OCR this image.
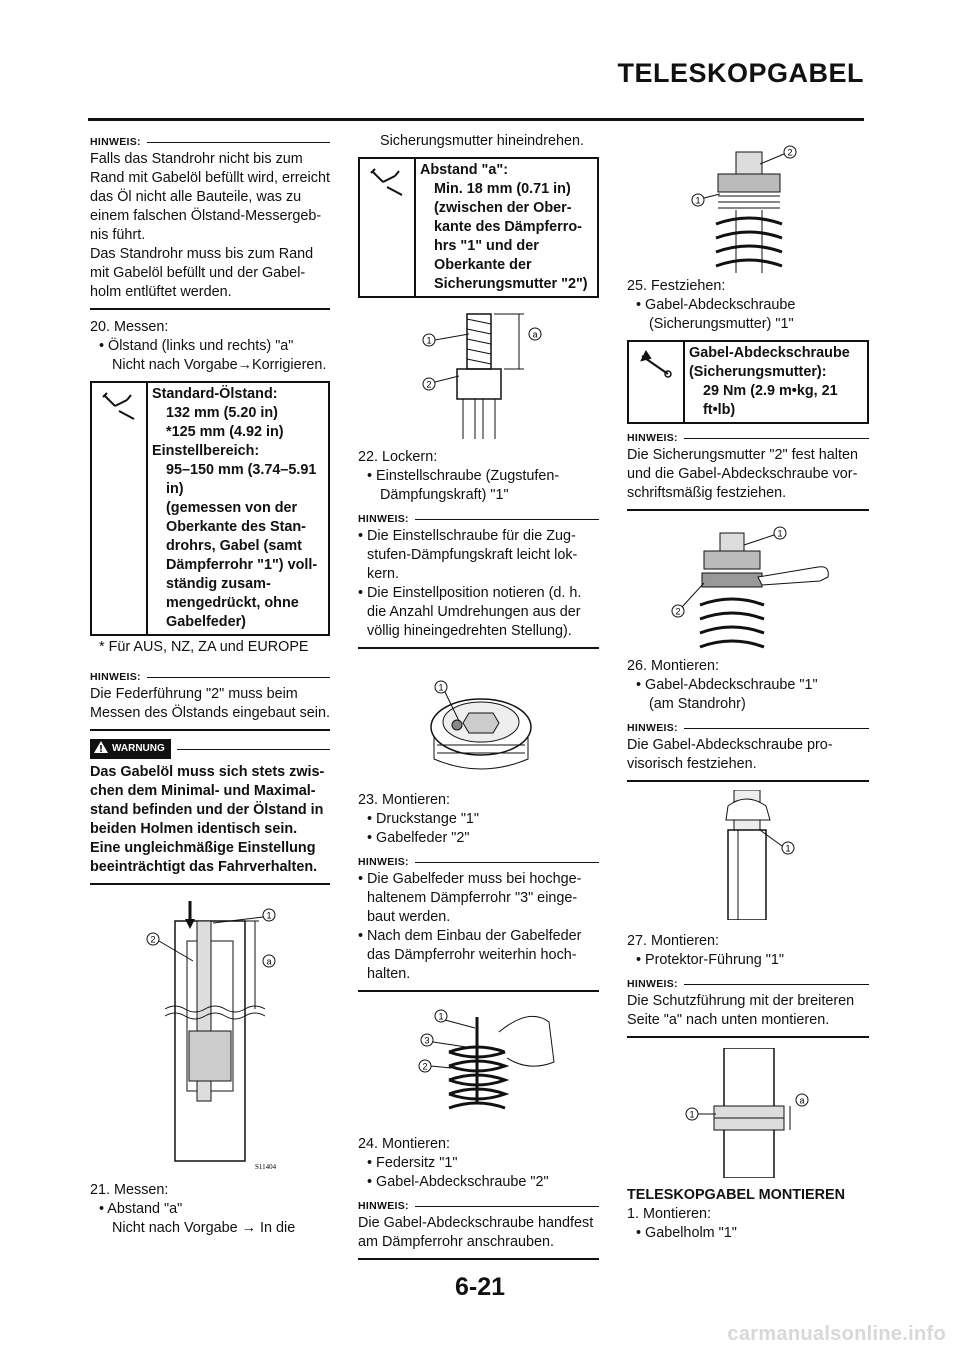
TELESKOPGABEL
HINWEIS:

Falls das Standrohr nicht bis zum

Rand mit Gabelöl befüllt wird, erreicht

das Öl nicht alle Bauteile, was zu

einem falschen Ölstand-Messergeb-

nis führt.

Das Standrohr muss bis zum Rand

mit Gabelöl befüllt und der Gabel-

holm entlüftet werden.

20. Messen:

• Ölstand (links und rechts) "a"

Nicht nach Vorgabe→Korrigieren.

Standard-Ölstand:

132 mm (5.20 in)

*125 mm (4.92 in)

Einstellbereich:

95–150 mm (3.74–5.91

in)

(gemessen von der

Oberkante des Stan-

drohrs, Gabel (samt

Dämpferrohr "1") voll-

ständig zusam-

mengedrückt, ohne

Gabelfeder)

* Für AUS, NZ, ZA und EUROPE

HINWEIS:

Die Federführung "2" muss beim

Messen des Ölstands eingebaut sein.

WARNUNG

Das Gabelöl muss sich stets zwis-

chen dem Minimal- und Maximal-

stand befinden und der Ölstand in

beiden Holmen identisch sein.

Eine ungleichmäßige Einstellung

beeinträchtigt das Fahrverhalten.

1
a
2
S11404

21. Messen:

• Abstand "a"

Nicht nach Vorgabe → In die

Sicherungsmutter hineindrehen.

Abstand "a":

Min. 18 mm (0.71 in)

(zwischen der Ober-

kante des Dämpferro-

hrs "1" und der

Oberkante der

Sicherungsmutter "2")

1
2
a

22. Lockern:

• Einstellschraube (Zugstufen-

Dämpfungskraft) "1"

HINWEIS:

• Die Einstellschraube für die Zug-

stufen-Dämpfungskraft leicht lok-

kern.

• Die Einstellposition notieren (d. h.

die Anzahl Umdrehungen aus der

völlig hineingedrehten Stellung).

1

23. Montieren:

• Druckstange "1"

• Gabelfeder "2"

HINWEIS:

• Die Gabelfeder muss bei hochge-

haltenem Dämpferrohr "3" einge-

baut werden.

• Nach dem Einbau der Gabelfeder

das Dämpferrohr weiterhin hoch-

halten.

1
3
2

24. Montieren:

• Federsitz "1"

• Gabel-Abdeckschraube "2"

HINWEIS:

Die Gabel-Abdeckschraube handfest

am Dämpferrohr anschrauben.

2
1

25. Festziehen:

• Gabel-Abdeckschraube

(Sicherungsmutter) "1"

Gabel-Abdeckschraube

(Sicherungsmutter):

29 Nm (2.9 m•kg, 21

ft•lb)

HINWEIS:

Die Sicherungsmutter "2" fest halten

und die Gabel-Abdeckschraube vor-

schriftsmäßig festziehen.

1
2

26. Montieren:

• Gabel-Abdeckschraube "1"

(am Standrohr)

HINWEIS:

Die Gabel-Abdeckschraube pro-

visorisch festziehen.

1

27. Montieren:

• Protektor-Führung "1"

HINWEIS:

Die Schutzführung mit der breiteren

Seite "a" nach unten montieren.

a
1

TELESKOPGABEL MONTIEREN

1. Montieren:

• Gabelholm "1"

6-21
carmanualsonline.info
